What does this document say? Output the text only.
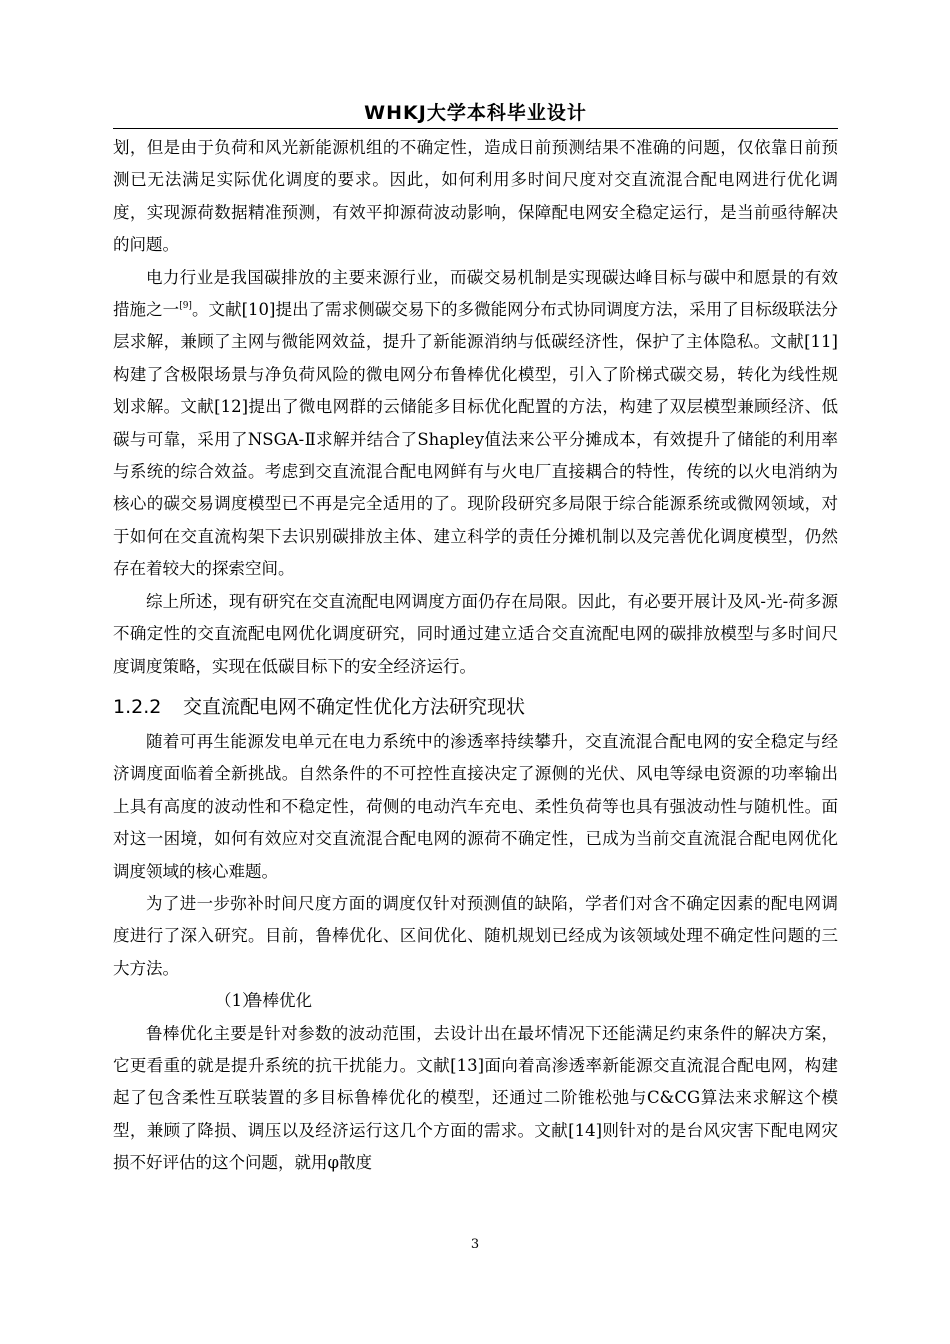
WHKJ大学本科毕业设计

划，但是由于负荷和风光新能源机组的不确定性，造成日前预测结果不准确的问题，仅依靠日前预测已无法满足实际优化调度的要求。因此，如何利用多时间尺度对交直流混合配电网进行优化调度，实现源荷数据精准预测，有效平抑源荷波动影响，保障配电网安全稳定运行，是当前亟待解决的问题。

电力行业是我国碳排放的主要来源行业，而碳交易机制是实现碳达峰目标与碳中和愿景的有效措施之一[9]。文献[10]提出了需求侧碳交易下的多微能网分布式协同调度方法，采用了目标级联法分层求解，兼顾了主网与微能网效益，提升了新能源消纳与低碳经济性，保护了主体隐私。文献[11]构建了含极限场景与净负荷风险的微电网分布鲁棒优化模型，引入了阶梯式碳交易，转化为线性规划求解。文献[12]提出了微电网群的云储能多目标优化配置的方法，构建了双层模型兼顾经济、低碳与可靠，采用了NSGA-Ⅱ求解并结合了Shapley值法来公平分摊成本，有效提升了储能的利用率与系统的综合效益。考虑到交直流混合配电网鲜有与火电厂直接耦合的特性，传统的以火电消纳为核心的碳交易调度模型已不再是完全适用的了。现阶段研究多局限于综合能源系统或微网领域，对于如何在交直流构架下去识别碳排放主体、建立科学的责任分摊机制以及完善优化调度模型，仍然存在着较大的探索空间。

综上所述，现有研究在交直流配电网调度方面仍存在局限。因此，有必要开展计及风-光-荷多源不确定性的交直流配电网优化调度研究，同时通过建立适合交直流配电网的碳排放模型与多时间尺度调度策略，实现在低碳目标下的安全经济运行。

1.2.2 交直流配电网不确定性优化方法研究现状

随着可再生能源发电单元在电力系统中的渗透率持续攀升，交直流混合配电网的安全稳定与经济调度面临着全新挑战。自然条件的不可控性直接决定了源侧的光伏、风电等绿电资源的功率输出上具有高度的波动性和不稳定性，荷侧的电动汽车充电、柔性负荷等也具有强波动性与随机性。面对这一困境，如何有效应对交直流混合配电网的源荷不确定性，已成为当前交直流混合配电网优化调度领域的核心难题。

为了进一步弥补时间尺度方面的调度仅针对预测值的缺陷，学者们对含不确定因素的配电网调度进行了深入研究。目前，鲁棒优化、区间优化、随机规划已经成为该领域处理不确定性问题的三大方法。

（1）鲁棒优化

鲁棒优化主要是针对参数的波动范围，去设计出在最坏情况下还能满足约束条件的解决方案，它更看重的就是提升系统的抗干扰能力。文献[13]面向着高渗透率新能源交直流混合配电网，构建起了包含柔性互联装置的多目标鲁棒优化的模型，还通过二阶锥松弛与C&CG算法来求解这个模型，兼顾了降损、调压以及经济运行这几个方面的需求。文献[14]则针对的是台风灾害下配电网灾损不好评估的这个问题，就用φ散度

3
